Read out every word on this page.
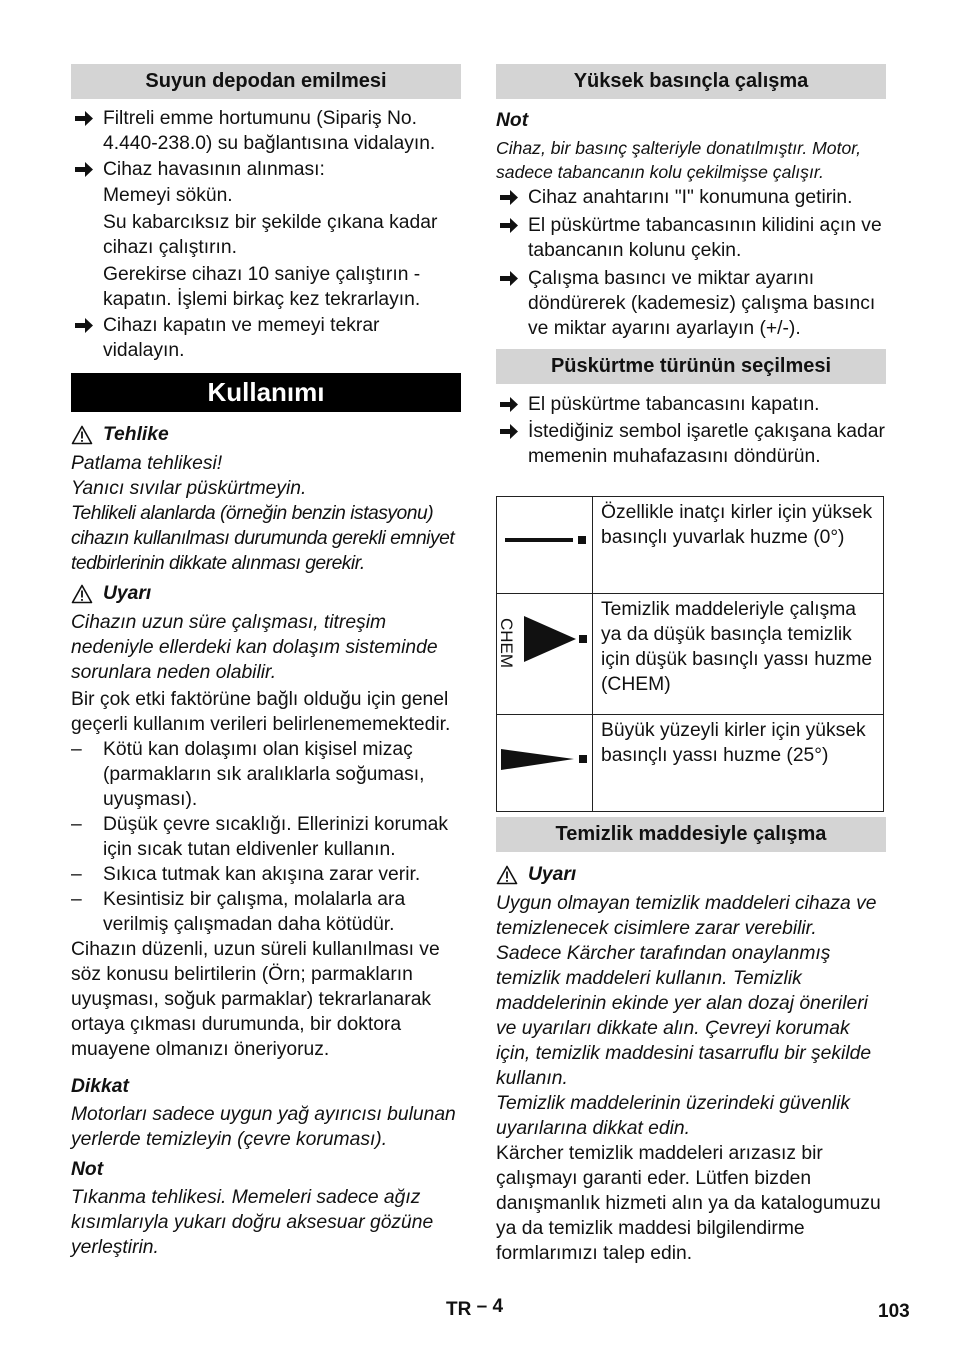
Suyun depodan emilmesi
Filtreli emme hortumunu (Sipariş No. 4.440-238.0) su bağlantısına vidalayın.
Cihaz havasının alınması:
Memeyi sökün.
Su kabarcıksız bir şekilde çıkana kadar cihazı çalıştırın.
Gerekirse cihazı 10 saniye çalıştırın - kapatın. İşlemi birkaç kez tekrarlayın.
Cihazı kapatın ve memeyi tekrar vidalayın.
Kullanımı
Tehlike
Patlama tehlikesi!
Yanıcı sıvılar püskürtmeyin.
Tehlikeli alanlarda (örneğin benzin istasyonu) cihazın kullanılması durumunda gerekli emniyet tedbirlerinin dikkate alınması gerekir.
Uyarı
Cihazın uzun süre çalışması, titreşim nedeniyle ellerdeki kan dolaşım sisteminde sorunlara neden olabilir.
Bir çok etki faktörüne bağlı olduğu için genel geçerli kullanım verileri belirlenememektedir.
– Kötü kan dolaşımı olan kişisel mizaç (parmakların sık aralıklarla soğuması, uyuşması).
– Düşük çevre sıcaklığı. Ellerinizi korumak için sıcak tutan eldivenler kullanın.
– Sıkıca tutmak kan akışına zarar verir.
– Kesintisiz bir çalışma, molalarla ara verilmiş çalışmadan daha kötüdür.
Cihazın düzenli, uzun süreli kullanılması ve söz konusu belirtilerin (Örn; parmakların uyuşması, soğuk parmaklar) tekrarlanarak ortaya çıkması durumunda, bir doktora muayene olmanızı öneriyoruz.
Dikkat
Motorları sadece uygun yağ ayırıcısı bulunan yerlerde temizleyin (çevre koruması).
Not
Tıkanma tehlikesi. Memeleri sadece ağız kısımlarıyla yukarı doğru aksesuar gözüne yerleştirin.
Yüksek basınçla çalışma
Not
Cihaz, bir basınç şalteriyle donatılmıştır. Motor, sadece tabancanın kolu çekilmişse çalışır.
Cihaz anahtarını "I" konumuna getirin.
El püskürtme tabancasının kilidini açın ve tabancanın kolunu çekin.
Çalışma basıncı ve miktar ayarını döndürerek (kademesiz) çalışma basıncı ve miktar ayarını ayarlayın (+/-).
Püskürtme türünün seçilmesi
El püskürtme tabancasını kapatın.
İstediğiniz sembol işaretle çakışana kadar memenin muhafazasını döndürün.
	Özellikle inatçı kirler için yüksek basınçlı yuvarlak huzme (0°)

CHEM	Temizlik maddeleriyle çalışma ya da düşük basınçla temizlik için düşük basınçlı yassı huzme (CHEM)
	Büyük yüzeyli kirler için yüksek basınçlı yassı huzme (25°)
Temizlik maddesiyle çalışma
Uyarı
Uygun olmayan temizlik maddeleri cihaza ve temizlenecek cisimlere zarar verebilir. Sadece Kärcher tarafından onaylanmış temizlik maddeleri kullanın. Temizlik maddelerinin ekinde yer alan dozaj önerileri ve uyarıları dikkate alın. Çevreyi korumak için, temizlik maddesini tasarruflu bir şekilde kullanın.
Temizlik maddelerinin üzerindeki güvenlik uyarılarına dikkat edin.
Kärcher temizlik maddeleri arızasız bir çalışmayı garanti eder. Lütfen bizden danışmanlık hizmeti alın ya da katalogumuzu ya da temizlik maddesi bilgilendirme formlarımızı talep edin.
TR – 4	103
